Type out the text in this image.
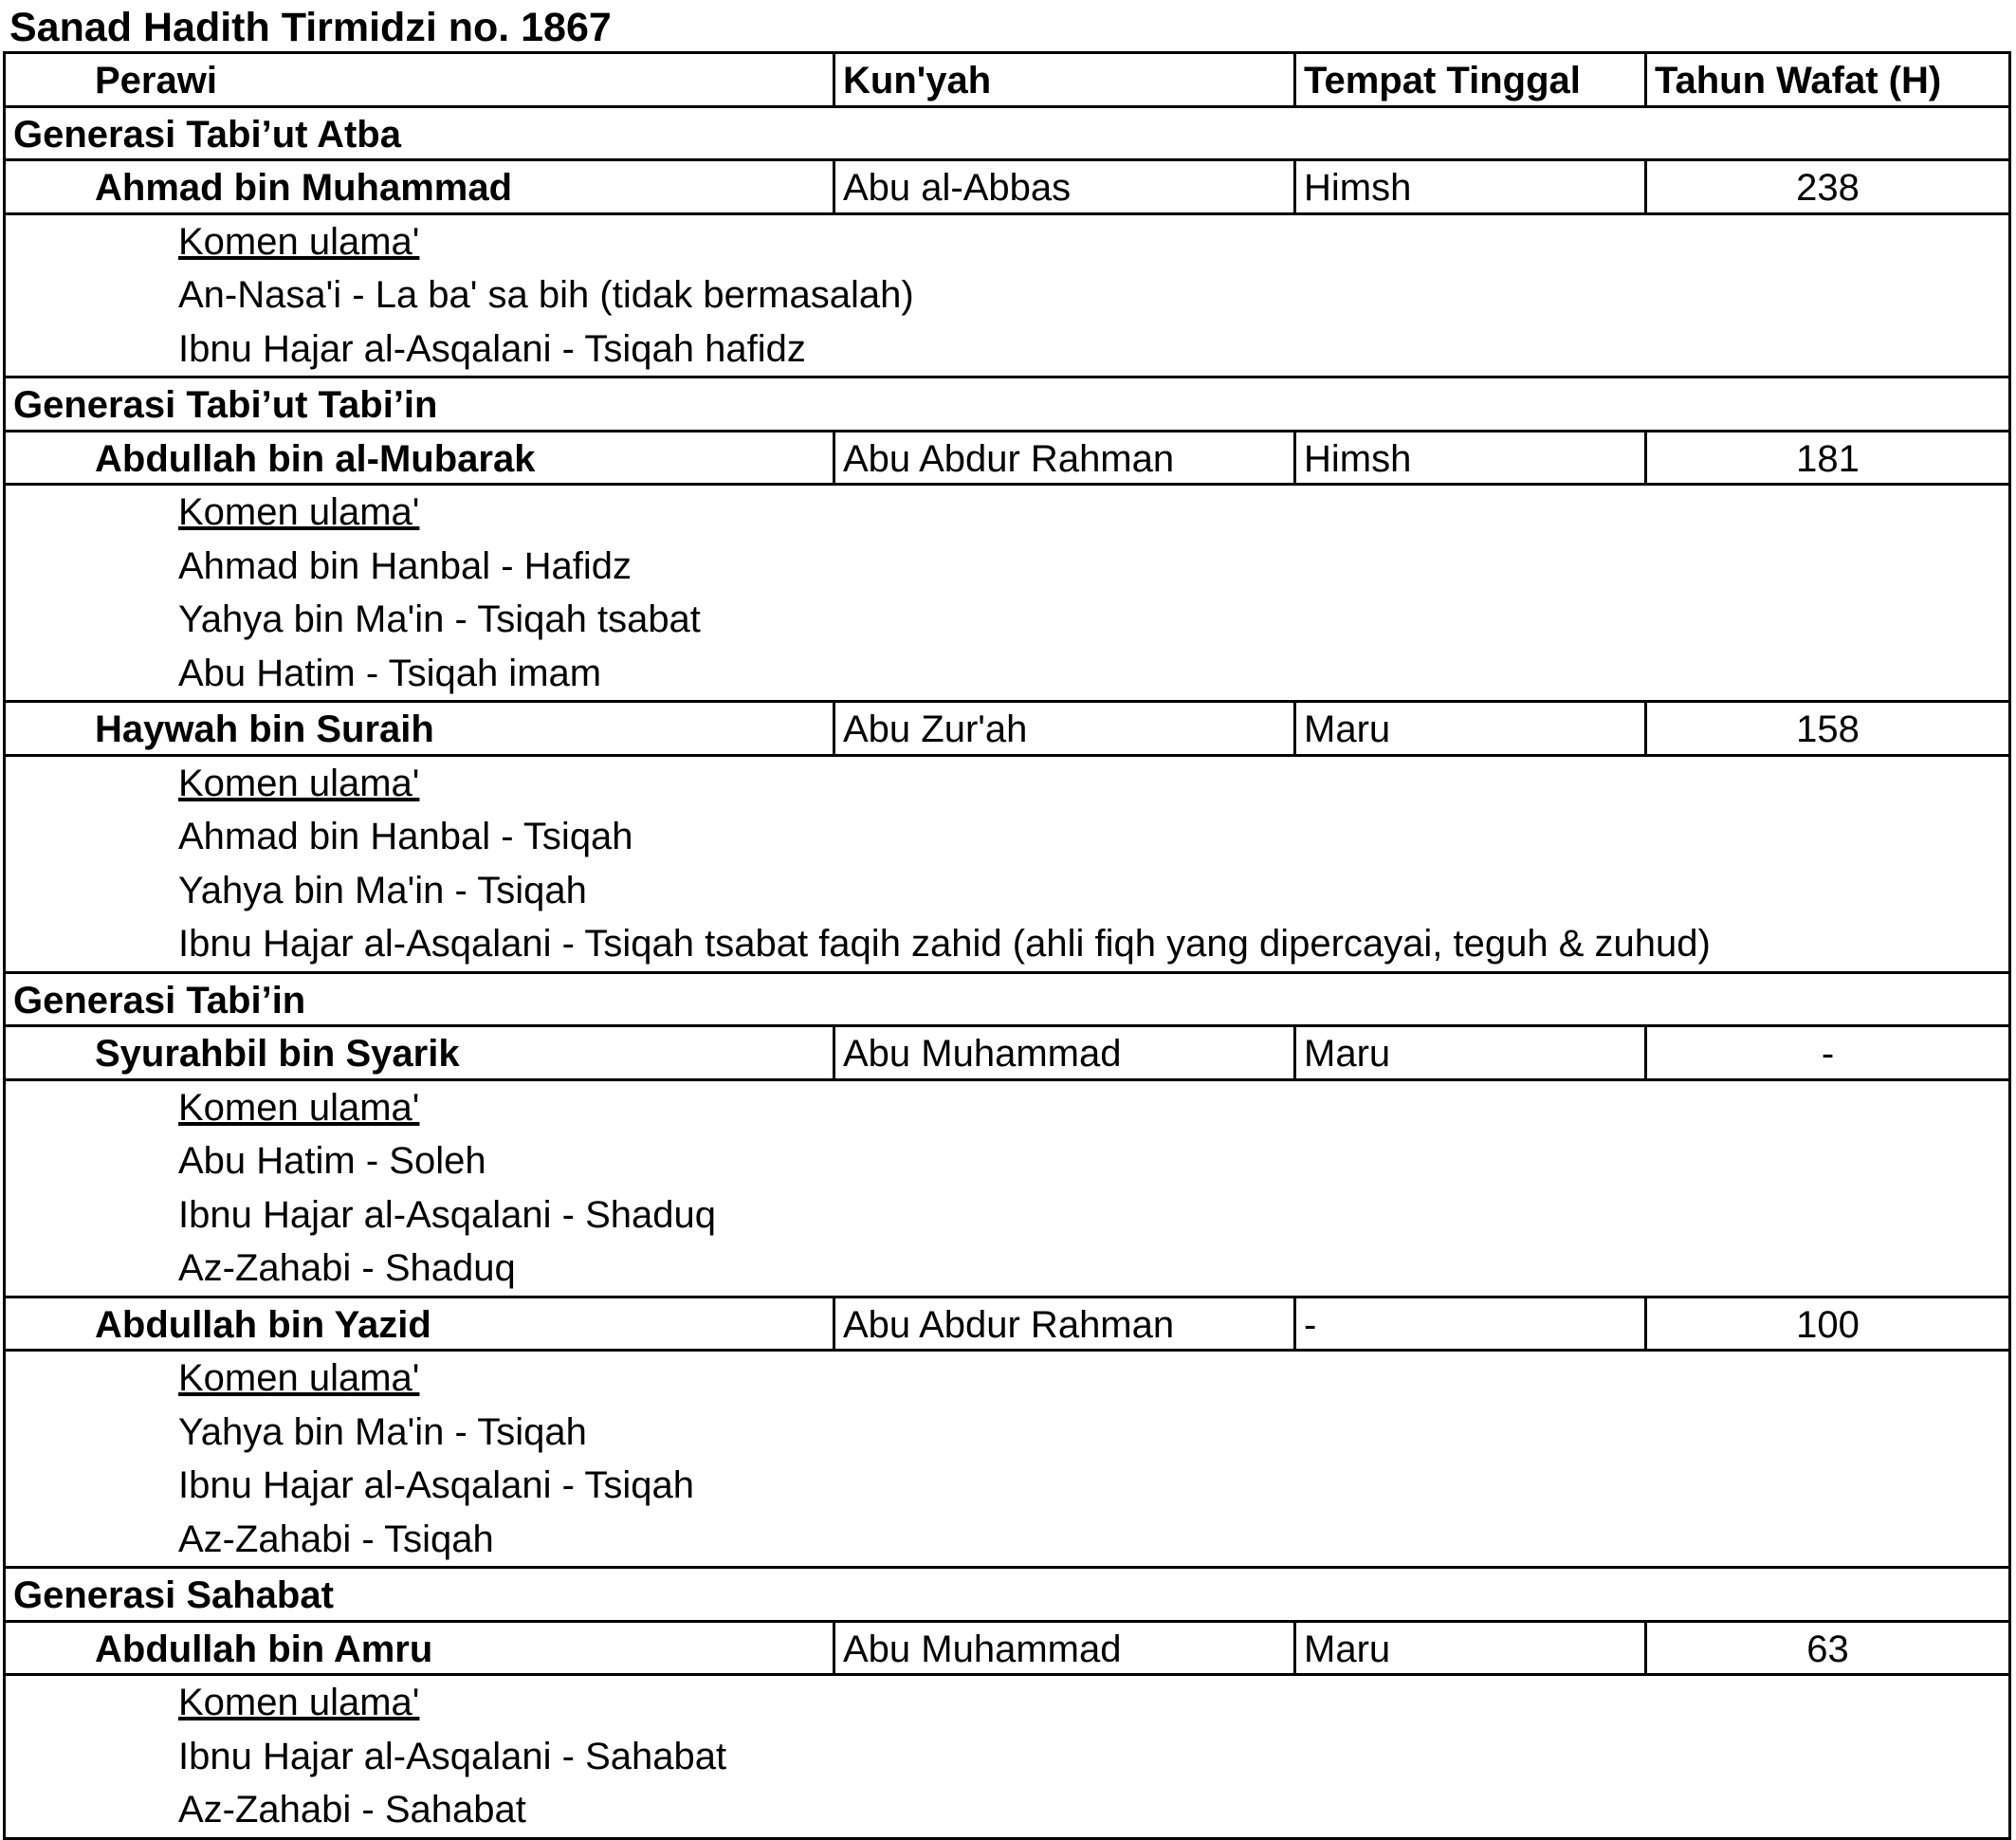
Sanad Hadith Tirmidzi no. 1867
Perawi	Kun'yah	Tempat Tinggal	Tahun Wafat (H)
Generasi Tabi’ut Atba
Ahmad bin Muhammad	Abu al-Abbas	Himsh	238
Komen ulama'
An-Nasa'i - La ba' sa bih (tidak bermasalah)
Ibnu Hajar al-Asqalani - Tsiqah hafidz
Generasi Tabi’ut Tabi’in
Abdullah bin al-Mubarak	Abu Abdur Rahman	Himsh	181
Komen ulama'
Ahmad bin Hanbal - Hafidz
Yahya bin Ma'in - Tsiqah tsabat
Abu Hatim - Tsiqah imam
Haywah bin Suraih	Abu Zur'ah	Maru	158
Komen ulama'
Ahmad bin Hanbal - Tsiqah
Yahya bin Ma'in - Tsiqah
Ibnu Hajar al-Asqalani - Tsiqah tsabat faqih zahid (ahli fiqh yang dipercayai, teguh & zuhud)
Generasi Tabi’in
Syurahbil bin Syarik	Abu Muhammad	Maru	-
Komen ulama'
Abu Hatim - Soleh
Ibnu Hajar al-Asqalani - Shaduq
Az-Zahabi - Shaduq
Abdullah bin Yazid	Abu Abdur Rahman	-	100
Komen ulama'
Yahya bin Ma'in - Tsiqah
Ibnu Hajar al-Asqalani - Tsiqah
Az-Zahabi - Tsiqah
Generasi Sahabat
Abdullah bin Amru	Abu Muhammad	Maru	63
Komen ulama'
Ibnu Hajar al-Asqalani - Sahabat
Az-Zahabi - Sahabat
